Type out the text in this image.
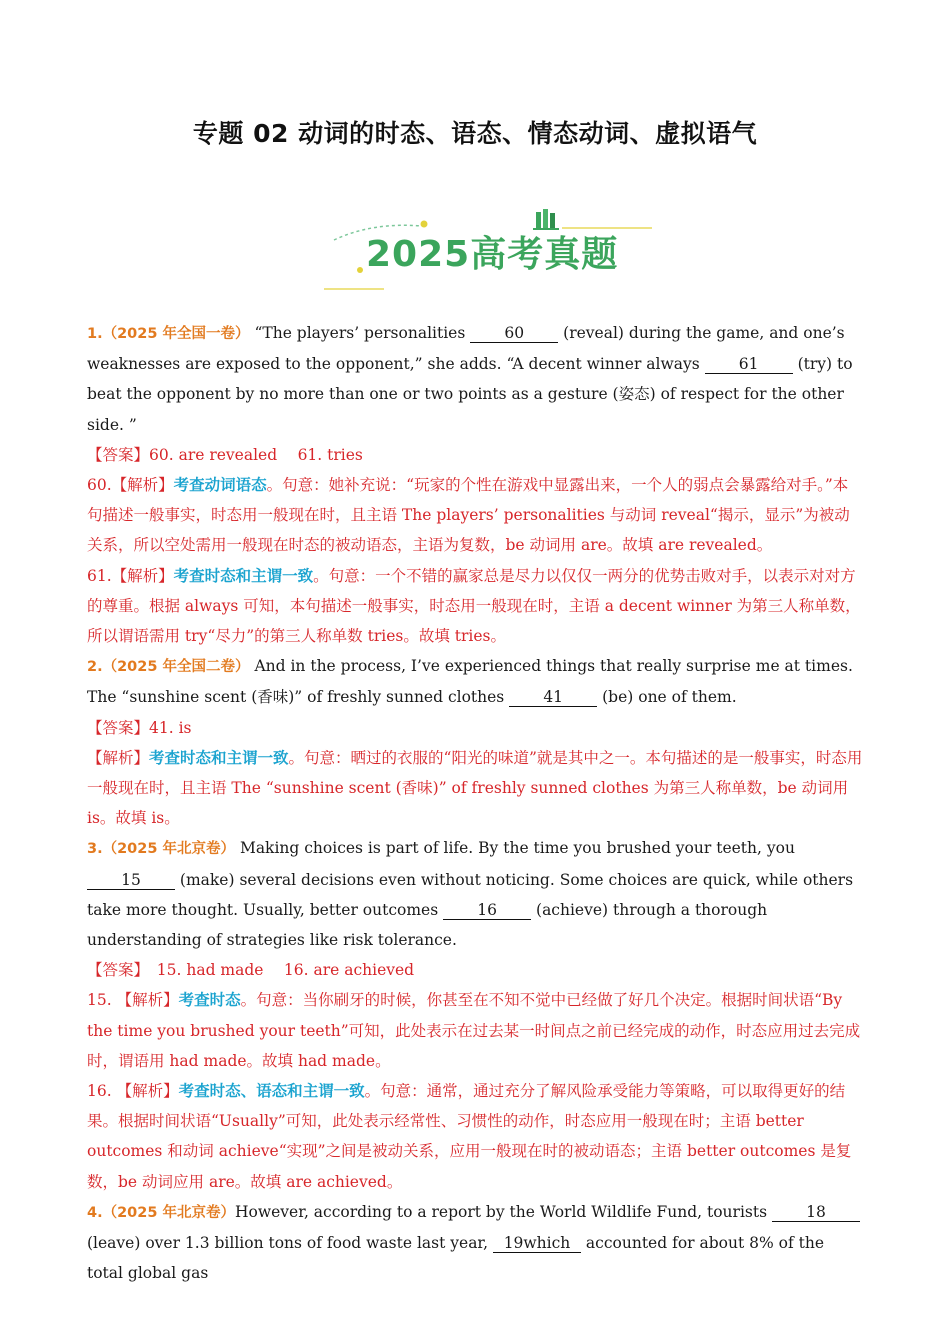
专题 02 动词的时态、语态、情态动词、虚拟语气
2025高考真题

1.（2025 年全国一卷） “The players’ personalities 60 (reveal) during the game, and one’s weaknesses are exposed to the opponent,” she adds. “A decent winner always 61 (try) to beat the opponent by no more than one or two points as a gesture (姿态) of respect for the other side. ”

【答案】60. are revealed　 61. tries

60.【解析】考查动词语态。句意：她补充说：“玩家的个性在游戏中显露出来，一个人的弱点会暴露给对手。”本句描述一般事实，时态用一般现在时，且主语 The players’ personalities 与动词 reveal“揭示，显示”为被动关系，所以空处需用一般现在时态的被动语态，主语为复数，be 动词用 are。故填 are revealed。

61.【解析】考查时态和主谓一致。句意：一个不错的赢家总是尽力以仅仅一两分的优势击败对手，以表示对对方的尊重。根据 always 可知，本句描述一般事实，时态用一般现在时，主语 a decent winner 为第三人称单数，所以谓语需用 try“尽力”的第三人称单数 tries。故填 tries。

2.（2025 年全国二卷） And in the process, I’ve experienced things that really surprise me at times. The “sunshine scent (香味)” of freshly sunned clothes 41 (be) one of them.

【答案】41. is

【解析】考查时态和主谓一致。句意：晒过的衣服的“阳光的味道”就是其中之一。本句描述的是一般事实，时态用一般现在时，且主语 The “sunshine scent (香味)” of freshly sunned clothes 为第三人称单数，be 动词用 is。故填 is。

3.（2025 年北京卷） Making choices is part of life. By the time you brushed your teeth, you 15 (make) several decisions even without noticing. Some choices are quick, while others take more thought. Usually, better outcomes 16 (achieve) through a thorough understanding of strategies like risk tolerance.

【答案】　15. had made　 16. are achieved

15. 【解析】考查时态。句意：当你刷牙的时候，你甚至在不知不觉中已经做了好几个决定。根据时间状语“By the time you brushed your teeth”可知，此处表示在过去某一时间点之前已经完成的动作，时态应用过去完成时，谓语用 had made。故填 had made。

16. 【解析】考查时态、语态和主谓一致。句意：通常，通过充分了解风险承受能力等策略，可以取得更好的结果。根据时间状语“Usually”可知，此处表示经常性、习惯性的动作，时态应用一般现在时；主语 better outcomes 和动词 achieve“实现”之间是被动关系，应用一般现在时的被动语态；主语 better outcomes 是复数，be 动词应用 are。故填 are achieved。

4.（2025 年北京卷）However, according to a report by the World Wildlife Fund, tourists 18 (leave) over 1.3 billion tons of food waste last year, 19which accounted for about 8% of the total global gas
